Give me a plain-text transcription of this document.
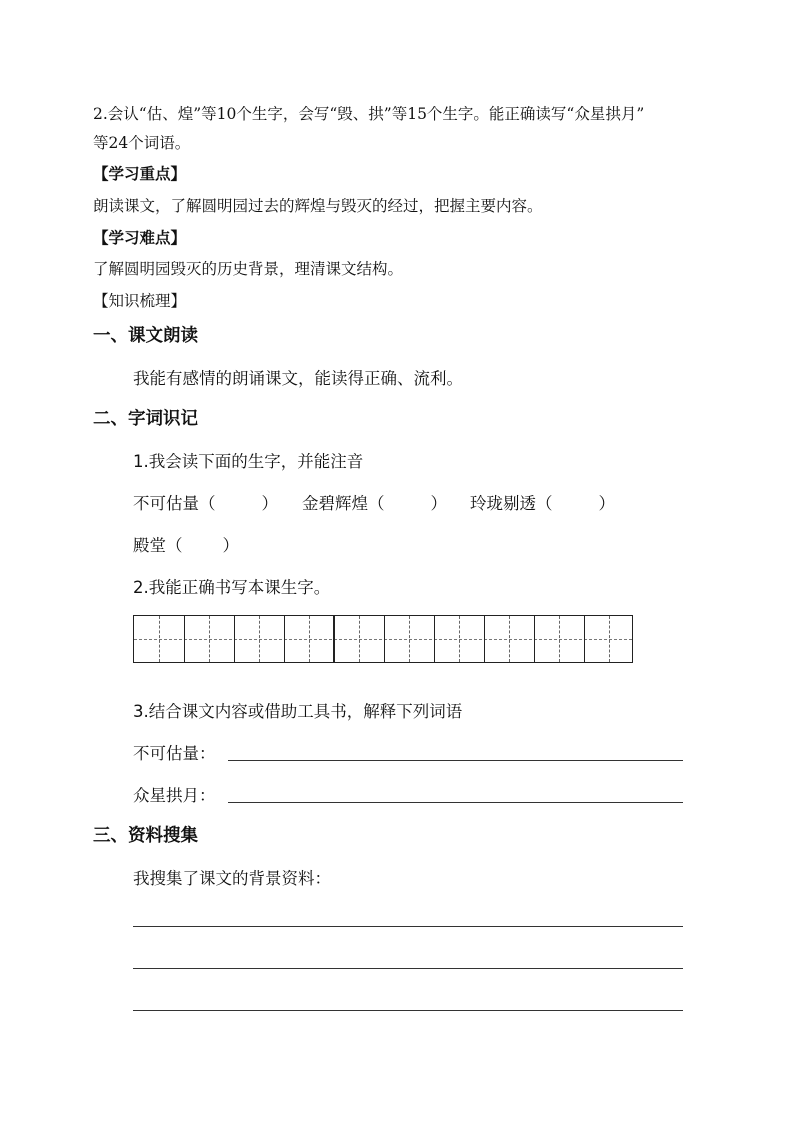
2.会认“估、煌”等10个生字，会写“毁、拱”等15个生字。能正确读写“众星拱月”
等24个词语。
【学习重点】
朗读课文，了解圆明园过去的辉煌与毁灭的经过，把握主要内容。
【学习难点】
了解圆明园毁灭的历史背景，理清课文结构。
【知识梳理】
一、课文朗读
我能有感情的朗诵课文，能读得正确、流利。
二、字词识记
1.我会读下面的生字，并能注音
不可估量（	） 金碧辉煌（	） 玲珑剔透（	）
殿堂（ ）
2.我能正确书写本课生字。
3.结合课文内容或借助工具书，解释下列词语
不可估量：
众星拱月：
三、资料搜集
我搜集了课文的背景资料：
